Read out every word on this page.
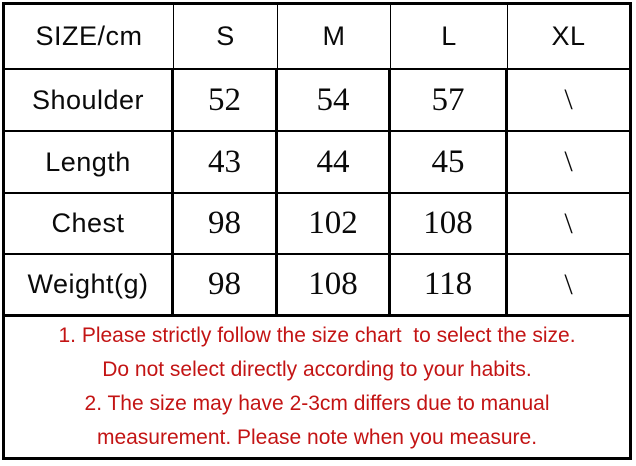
SIZE/cm	S	M	L	XL
Shoulder	52	54	57	\
Length	43	44	45	\
Chest	98	102	108	\
Weight(g)	98	108	118	\
1. Please strictly follow the size chart  to select the size.
Do not select directly according to your habits.
2. The size may have 2-3cm differs due to manual
measurement. Please note when you measure.
